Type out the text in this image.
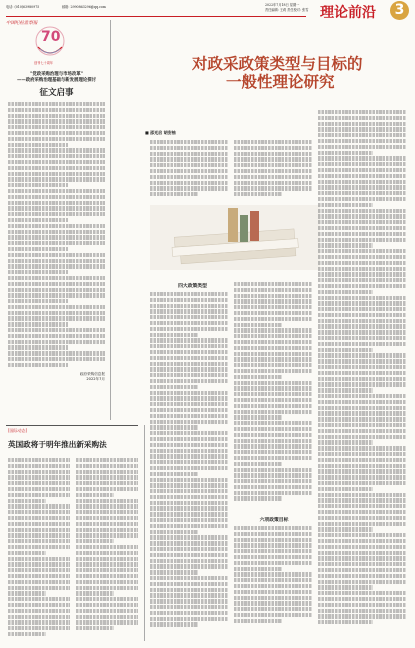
电话: (010)63980975	邮箱: 2990863296@qq.com	2022年7月18日 星期一
责任编辑: 王莉 责任校对: 张雪 理论前沿	3
中国纪检监察报
70
创刊七十周年
"党政采购治理与市场改革"
——政府采购治理基础与新发展理论探讨
征文启事
政府采购信息报
2022年7月
对政采政策类型与目标的
一般性理论研究
■ 邵光启 胡安柚
四大政策类型
六项政策目标
[国际动态]
英国政将于明年推出新采购法
